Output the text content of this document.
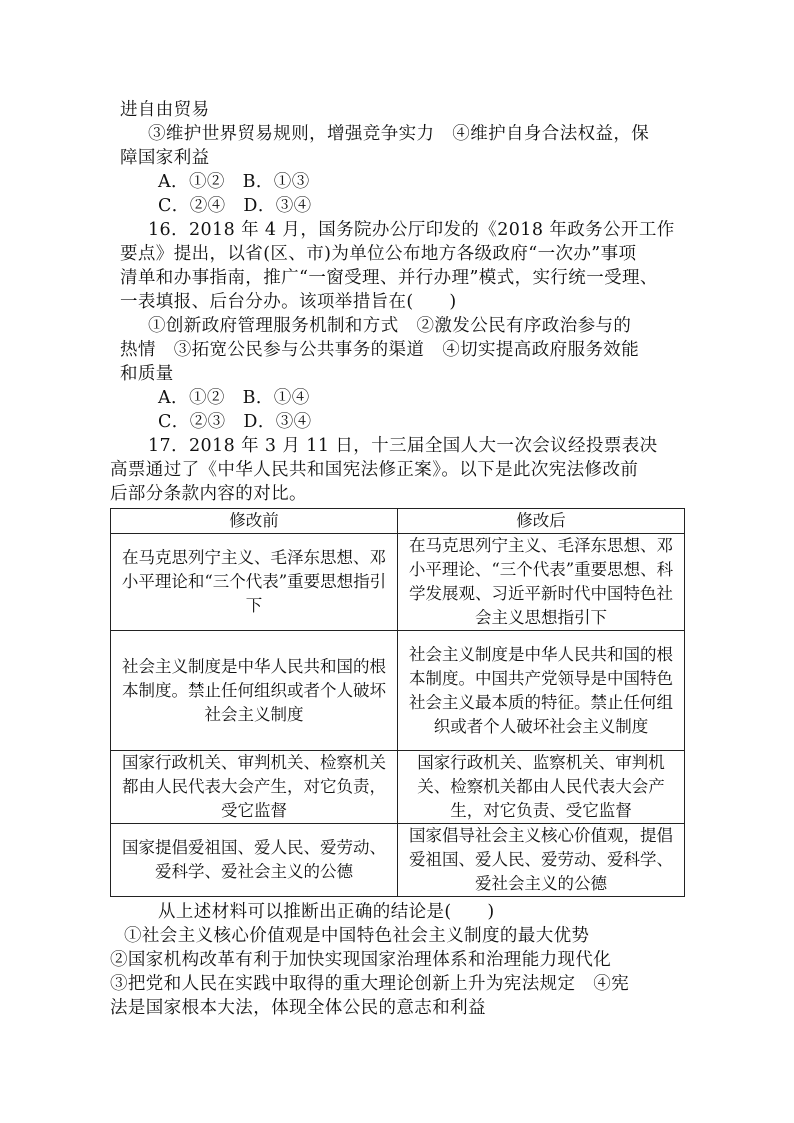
进自由贸易
③维护世界贸易规则，增强竞争实力　④维护自身合法权益，保
障国家利益
A．①②　B．①③
C．②④　D．③④
16．2018 年 4 月，国务院办公厅印发的《2018 年政务公开工作
要点》提出，以省(区、市)为单位公布地方各级政府“一次办”事项
清单和办事指南，推广“一窗受理、并行办理”模式，实行统一受理、
一表填报、后台分办。该项举措旨在(　　)
①创新政府管理服务机制和方式　②激发公民有序政治参与的
热情　③拓宽公民参与公共事务的渠道　④切实提高政府服务效能
和质量
A．①②　B．①④
C．②③　D．③④
17．2018 年 3 月 11 日，十三届全国人大一次会议经投票表决
高票通过了《中华人民共和国宪法修正案》。以下是此次宪法修改前
后部分条款内容的对比。
修改前	修改后
在马克思列宁主义、毛泽东思想、邓小平理论和“三个代表”重要思想指引下	在马克思列宁主义、毛泽东思想、邓小平理论、“三个代表”重要思想、科学发展观、习近平新时代中国特色社会主义思想指引下
社会主义制度是中华人民共和国的根本制度。禁止任何组织或者个人破坏社会主义制度	社会主义制度是中华人民共和国的根本制度。中国共产党领导是中国特色社会主义最本质的特征。禁止任何组织或者个人破坏社会主义制度
国家行政机关、审判机关、检察机关都由人民代表大会产生，对它负责，受它监督	国家行政机关、监察机关、审判机关、检察机关都由人民代表大会产生，对它负责、受它监督
国家提倡爱祖国、爱人民、爱劳动、爱科学、爱社会主义的公德	国家倡导社会主义核心价值观，提倡爱祖国、爱人民、爱劳动、爱科学、爱社会主义的公德
从上述材料可以推断出正确的结论是(　　)
①社会主义核心价值观是中国特色社会主义制度的最大优势
②国家机构改革有利于加快实现国家治理体系和治理能力现代化
③把党和人民在实践中取得的重大理论创新上升为宪法规定　④宪
法是国家根本大法，体现全体公民的意志和利益
